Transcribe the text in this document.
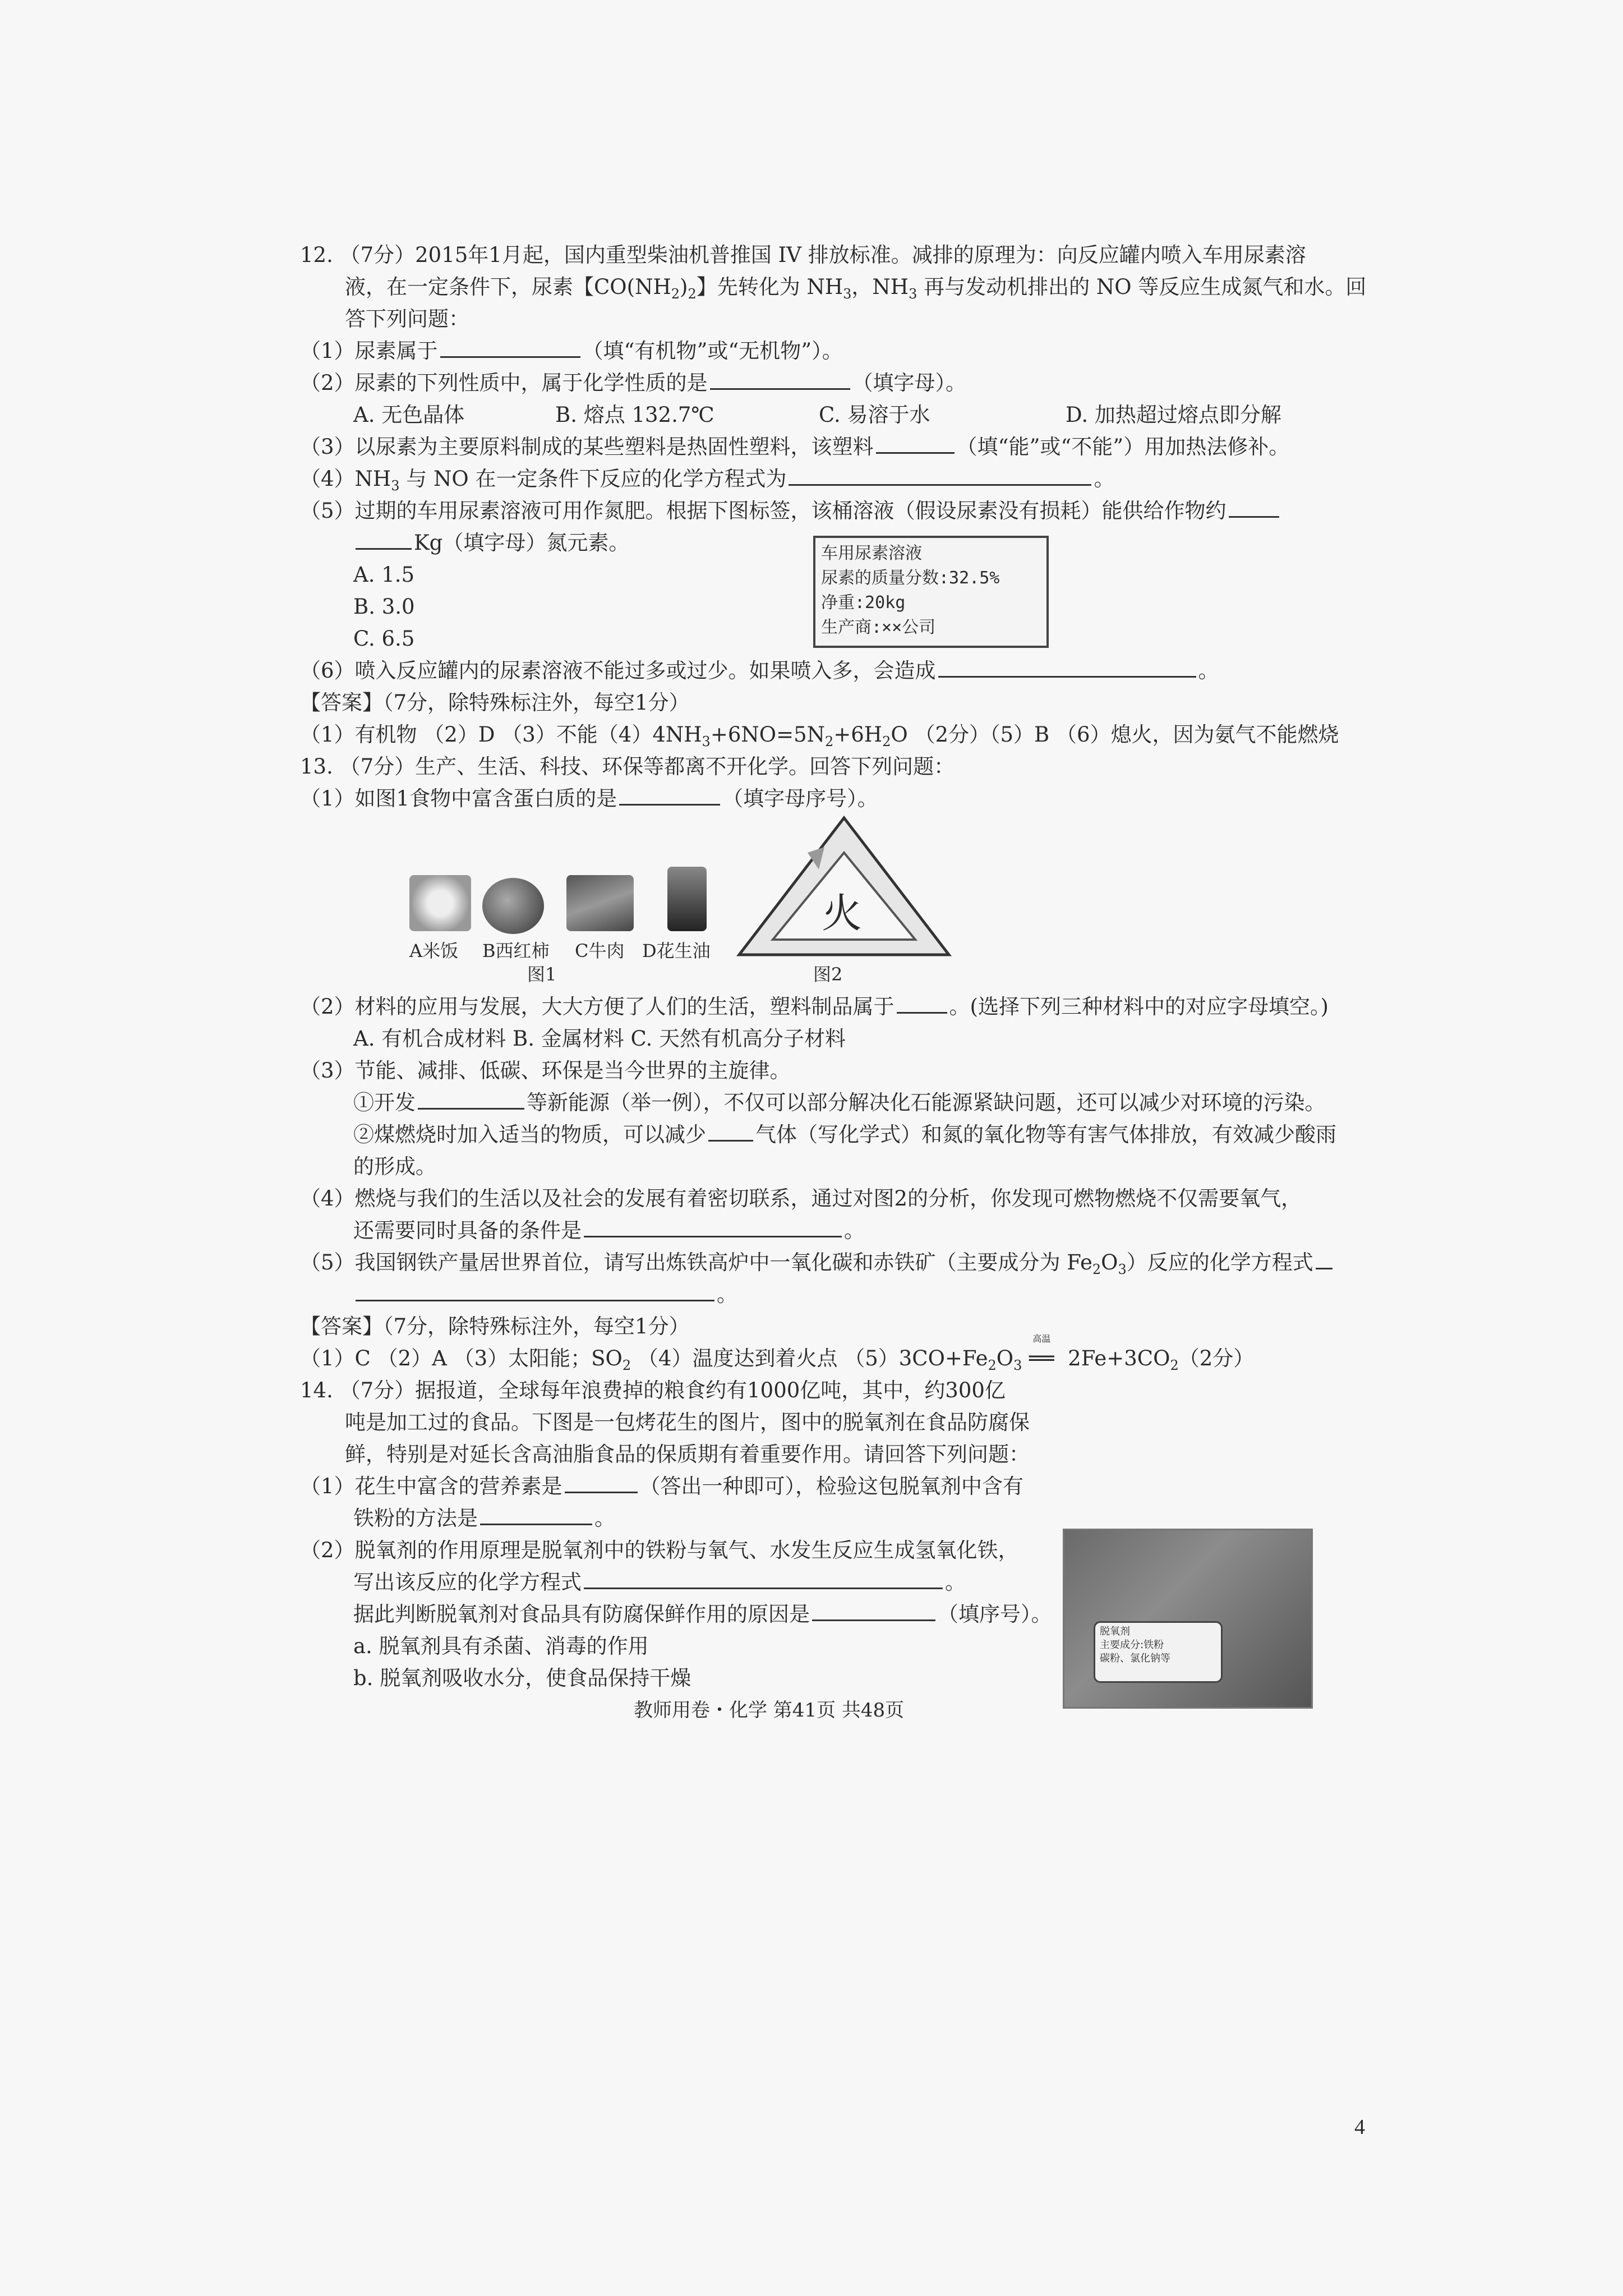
12. （7分）2015年1月起，国内重型柴油机普推国 IV 排放标准。减排的原理为：向反应罐内喷入车用尿素溶
液，在一定条件下，尿素【$CO(NH_2)_2$】先转化为 $NH_3$，$NH_3$ 再与发动机排出的 NO 等反应生成氮气和水。回
答下列问题：
（1）尿素属于	（填“有机物”或“无机物”）。
（2）尿素的下列性质中，属于化学性质的是	（填字母）。
A. 无色晶体	B. 熔点 132.7℃	C. 易溶于水	D. 加热超过熔点即分解
（3）以尿素为主要原料制成的某些塑料是热固性塑料，该塑料	（填“能”或“不能”）用加热法修补。
$(4)NH_3$ 与 NO 在一定条件下反应的化学方程式为	。
（5）过期的车用尿素溶液可用作氮肥。根据下图标签，该桶溶液（假设尿素没有损耗）能供给作物约
Kg（填字母）氮元素。
A. 1.5
B. 3.0
C. 6.5
车用尿素溶液
尿素的质量分数:32.5%
净重:20kg
生产商:××公司
（6）喷入反应罐内的尿素溶液不能过多或过少。如果喷入多，会造成	。
【答案】（7分，除特殊标注外，每空1分）
（1）有机物 （2）D （3）不能$(4)4NH_3+6NO=5N_2+6H_2O$ （2分）（5）B （6）熄火，因为氨气不能燃烧
13. （7分）生产、生活、科技、环保等都离不开化学。回答下列问题：
（1）如图1食物中富含蛋白质的是	（填字母序号）。
A米饭 B西红柿 C牛肉 D花生油
图1
火
图2
（2）材料的应用与发展，大大方便了人们的生活，塑料制品属于	。(选择下列三种材料中的对应字母填空。)
A. 有机合成材料 B. 金属材料 C. 天然有机高分子材料
（3）节能、减排、低碳、环保是当今世界的主旋律。
①开发	等新能源（举一例），不仅可以部分解决化石能源紧缺问题，还可以减少对环境的污染。
②煤燃烧时加入适当的物质，可以减少 气体（写化学式）和氮的氧化物等有害气体排放，有效减少酸雨
的形成。
（4）燃烧与我们的生活以及社会的发展有着密切联系，通过对图2的分析，你发现可燃物燃烧不仅需要氧气，
还需要同时具备的条件是	。
（5）我国钢铁产量居世界首位，请写出炼铁高炉中一氧化碳和赤铁矿（主要成分为 $Fe_2O_3$）反应的化学方程式
。
【答案】（7分，除特殊标注外，每空1分）
（1）C （2）A （3）太阳能；$SO_2$ （4）温度达到着火点 $(5)3CO+Fe_2O_3$
高温
══ $2Fe+3CO_2(2$分）
14. （7分）据报道，全球每年浪费掉的粮食约有1000亿吨，其中，约300亿
吨是加工过的食品。下图是一包烤花生的图片，图中的脱氧剂在食品防腐保
鲜，特别是对延长含高油脂食品的保质期有着重要作用。请回答下列问题：
（1）花生中富含的营养素是	（答出一种即可），检验这包脱氧剂中含有
铁粉的方法是	。
（2）脱氧剂的作用原理是脱氧剂中的铁粉与氧气、水发生反应生成氢氧化铁，
写出该反应的化学方程式	。
据此判断脱氧剂对食品具有防腐保鲜作用的原因是	（填序号）。
a. 脱氧剂具有杀菌、消毒的作用
b. 脱氧剂吸收水分，使食品保持干燥
脱氧剂
主要成分:铁粉
碳粉、氯化钠等
教师用卷・化学 第41页 共48页
4
